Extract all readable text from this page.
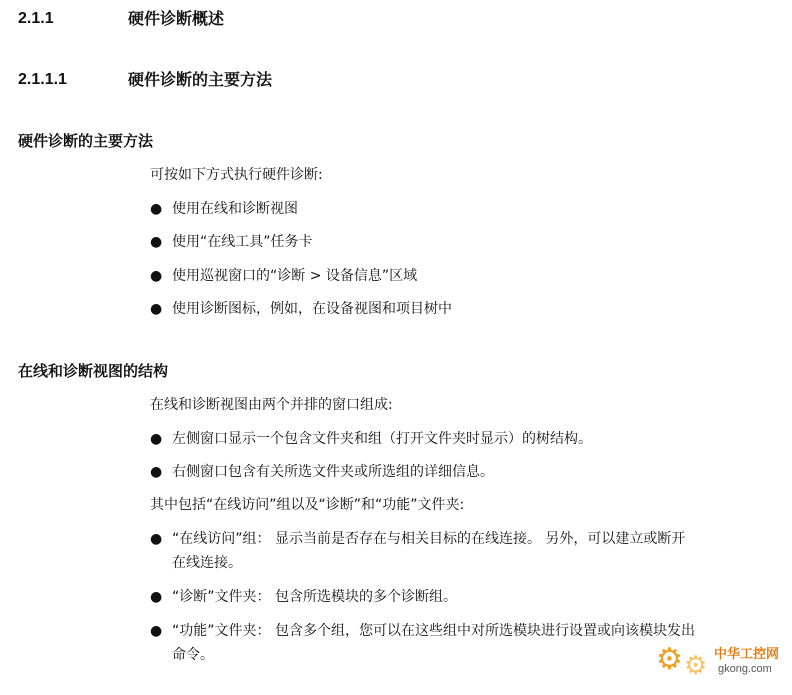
2.1.1	硬件诊断概述
2.1.1.1	硬件诊断的主要方法
硬件诊断的主要方法
可按如下方式执行硬件诊断:
● 使用在线和诊断视图
● 使用“在线工具”任务卡
● 使用巡视窗口的“诊断 > 设备信息”区域
● 使用诊断图标，例如，在设备视图和项目树中
在线和诊断视图的结构
在线和诊断视图由两个并排的窗口组成:
● 左侧窗口显示一个包含文件夹和组（打开文件夹时显示）的树结构。
● 右侧窗口包含有关所选文件夹或所选组的详细信息。
其中包括“在线访问”组以及“诊断”和“功能”文件夹:
● “在线访问”组： 显示当前是否存在与相关目标的在线连接。 另外，可以建立或断开
在线连接。
● “诊断”文件夹： 包含所选模块的多个诊断组。
● “功能”文件夹： 包含多个组，您可以在这些组中对所选模块进行设置或向该模块发出
命令。	⚙ ⚙ 中华工控网
gkong.com
